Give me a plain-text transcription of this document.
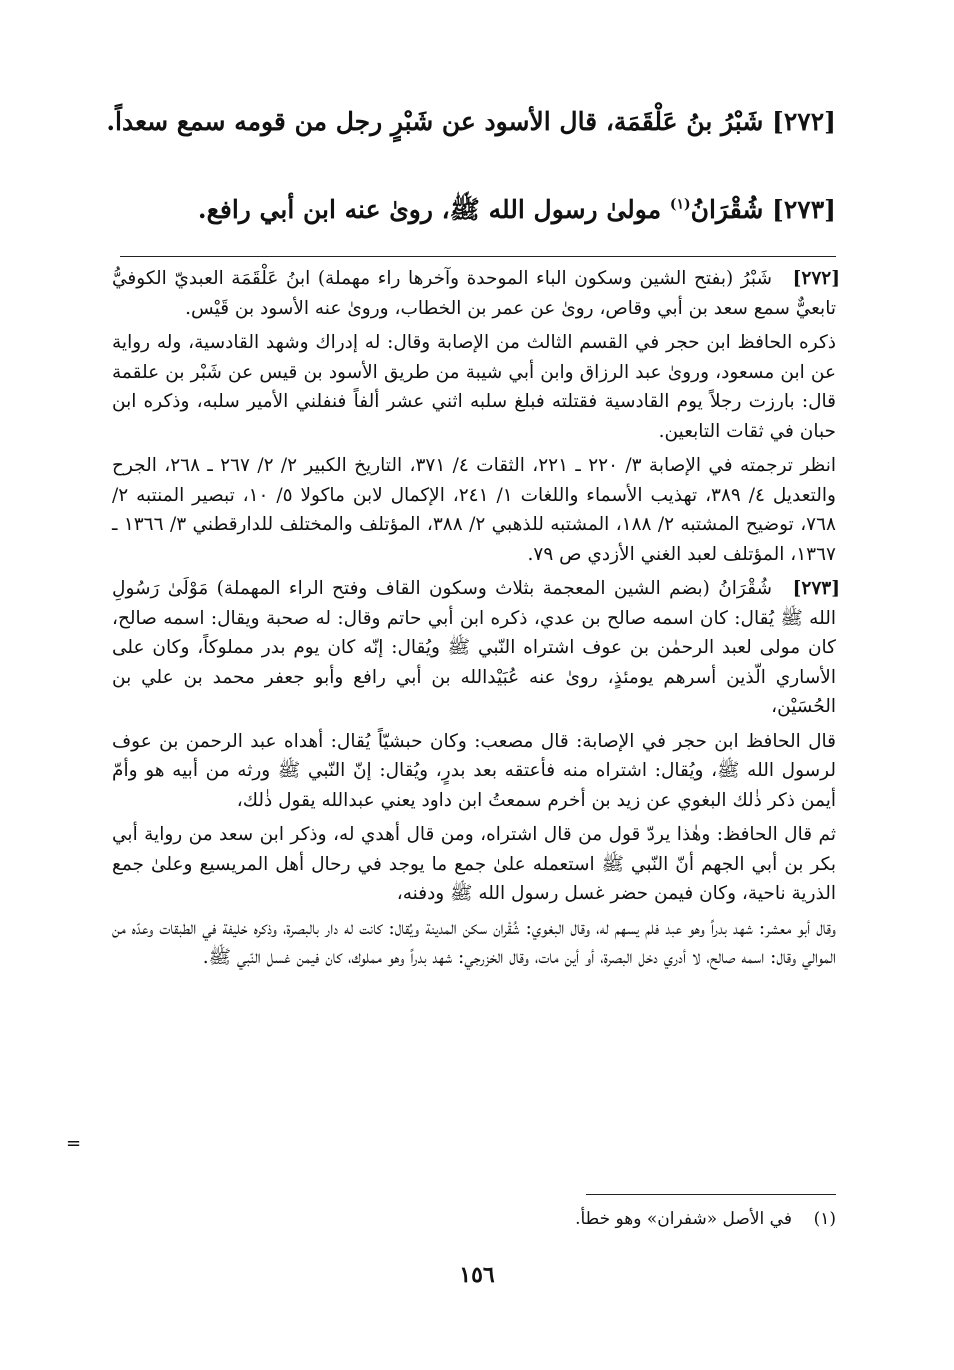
[٢٧٢] شَبْرُ بنُ عَلْقَمَة، قال الأسود عن شَبْرٍ رجل من قومه سمع سعداً.
[٢٧٣] شُقْرَانُ$^{(١)}$ مولىٰ رسول الله ﷺ، روىٰ عنه ابن أبي رافع.

[٢٧٢]
شَبْرُ (بفتح الشين وسكون الباء الموحدة وآخرها راء مهملة) ابنُ عَلْقَمَة العبديّ الكوفيُّ تابعيٌّ سمع سعد بن أبي وقاص، روىٰ عن عمر بن الخطاب، وروىٰ عنه الأسود بن قَيْس.

ذكره الحافظ ابن حجر في القسم الثالث من الإصابة وقال: له إدراك وشهد القادسية، وله رواية عن ابن مسعود، وروىٰ عبد الرزاق وابن أبي شيبة من طريق الأسود بن قيس عن شَبْر بن علقمة قال: بارزت رجلاً يوم القادسية فقتلته فبلغ سلبه اثني عشر ألفاً فنفلني الأمير سلبه، وذكره ابن حبان في ثقات التابعين.

انظر ترجمته في الإصابة ٣/ ٢٢٠ ـ ٢٢١، الثقات ٤/ ٣٧١، التاريخ الكبير ٢/ ٢/ ٢٦٧ ـ ٢٦٨، الجرح والتعديل ٤/ ٣٨٩، تهذيب الأسماء واللغات ١/ ٢٤١، الإكمال لابن ماكولا ٥/ ١٠، تبصير المنتبه ٢/ ٧٦٨، توضيح المشتبه ٢/ ١٨٨، المشتبه للذهبي ٢/ ٣٨٨، المؤتلف والمختلف للدارقطني ٣/ ١٣٦٦ ـ ١٣٦٧، المؤتلف لعبد الغني الأزدي ص ٧٩.

[٢٧٣]
شُقْرَانُ (بضم الشين المعجمة بثلاث وسكون القاف وفتح الراء المهملة) مَوْلَىٰ رَسُولِ الله ﷺ يُقال: كان اسمه صالح بن عدي، ذكره ابن أبي حاتم وقال: له صحبة ويقال: اسمه صالح، كان مولى لعبد الرحمٰن بن عوف اشتراه النّبي ﷺ ويُقال: إنّه كان يوم بدر مملوكاً، وكان على الأساري الّذين أسرهم يومئذٍ، روىٰ عنه عُبَيْدالله بن أبي رافع وأبو جعفر محمد بن علي بن الحُسَيْن،

قال الحافظ ابن حجر في الإصابة: قال مصعب: وكان حبشيّاً يُقال: أهداه عبد الرحمن بن عوف لرسول الله ﷺ، ويُقال: اشتراه منه فأعتقه بعد بدرٍ، ويُقال: إنّ النّبي ﷺ ورثه من أبيه هو وأمّ أيمن ذكر ذٰلك البغوي عن زيد بن أخرم سمعتُ ابن داود يعني عبدالله يقول ذٰلك،

ثم قال الحافظ: وهٰذا يردّ قول من قال اشتراه، ومن قال أهدي له، وذكر ابن سعد من رواية أبي بكر بن أبي الجهم أنّ النّبي ﷺ استعمله علىٰ جمع ما يوجد في رحال أهل المريسيع وعلىٰ جمع الذرية ناحية، وكان فيمن حضر غسل رسول الله ﷺ ودفنه،

وقال أبو معشر: شهد بدراً وهو عبد فلم يسهم له، وقال البغوي: شُقْران سكن المدينة ويُقال: كانت له دار بالبصرة، وذكره خليفة في الطبقات وعدّه من الموالي وقال: اسمه صالح، لا أدري دخل البصرة، أو أين مات، وقال الخزرجي: شهد بدراً وهو مملوك، كان فيمن غسل النّبي ﷺ.

=
(١)    في الأصل «شفران» وهو خطأ.
١٥٦
